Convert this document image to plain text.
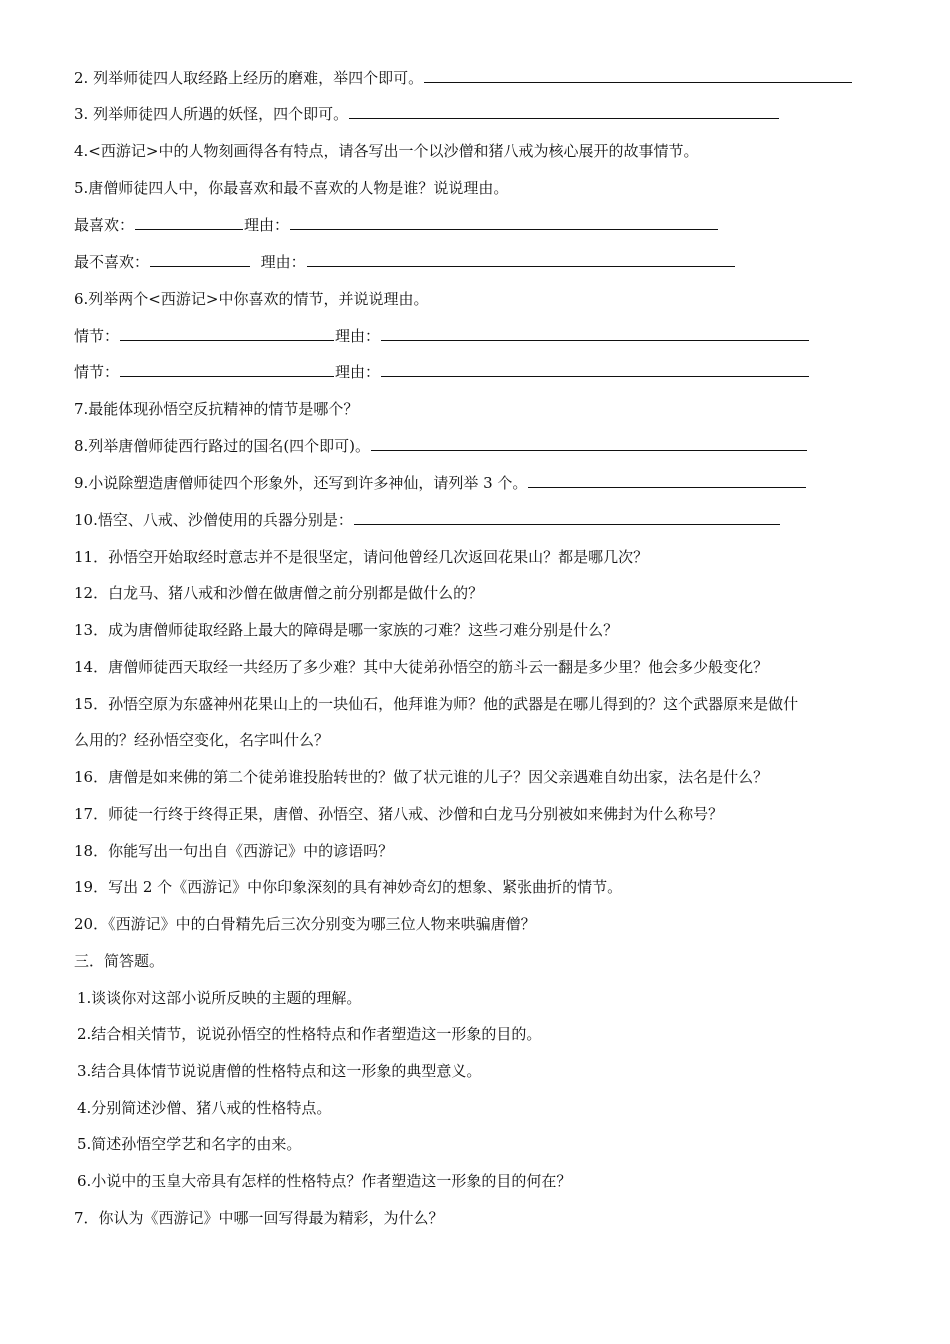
2. 列举师徒四人取经路上经历的磨难，举四个即可。
3. 列举师徒四人所遇的妖怪，四个即可。
4.<西游记>中的人物刻画得各有特点，请各写出一个以沙僧和猪八戒为核心展开的故事情节。
5.唐僧师徒四人中，你最喜欢和最不喜欢的人物是谁？说说理由。
最喜欢：	理由：
最不喜欢：	理由：
6.列举两个<西游记>中你喜欢的情节，并说说理由。
情节：	理由：
情节：	理由：
7.最能体现孙悟空反抗精神的情节是哪个？
8.列举唐僧师徒西行路过的国名(四个即可)。
9.小说除塑造唐僧师徒四个形象外，还写到许多神仙，请列举 3 个。
10.悟空、八戒、沙僧使用的兵器分别是：
11．孙悟空开始取经时意志并不是很坚定，请问他曾经几次返回花果山？都是哪几次？
12．白龙马、猪八戒和沙僧在做唐僧之前分别都是做什么的？
13．成为唐僧师徒取经路上最大的障碍是哪一家族的刁难？这些刁难分别是什么？
14．唐僧师徒西天取经一共经历了多少难？其中大徒弟孙悟空的筋斗云一翻是多少里？他会多少般变化？
15．孙悟空原为东盛神州花果山上的一块仙石，他拜谁为师？他的武器是在哪儿得到的？这个武器原来是做什
么用的？经孙悟空变化，名字叫什么？
16．唐僧是如来佛的第二个徒弟谁投胎转世的？做了状元谁的儿子？因父亲遇难自幼出家，法名是什么？
17．师徒一行终于终得正果，唐僧、孙悟空、猪八戒、沙僧和白龙马分别被如来佛封为什么称号？
18．你能写出一句出自《西游记》中的谚语吗？
19．写出 2 个《西游记》中你印象深刻的具有神妙奇幻的想象、紧张曲折的情节。
20．《西游记》中的白骨精先后三次分别变为哪三位人物来哄骗唐僧？
三．简答题。
1.谈谈你对这部小说所反映的主题的理解。
2.结合相关情节，说说孙悟空的性格特点和作者塑造这一形象的目的。
3.结合具体情节说说唐僧的性格特点和这一形象的典型意义。
4.分别简述沙僧、猪八戒的性格特点。
5.简述孙悟空学艺和名字的由来。
6.小说中的玉皇大帝具有怎样的性格特点？作者塑造这一形象的目的何在？
7．你认为《西游记》中哪一回写得最为精彩，为什么？
